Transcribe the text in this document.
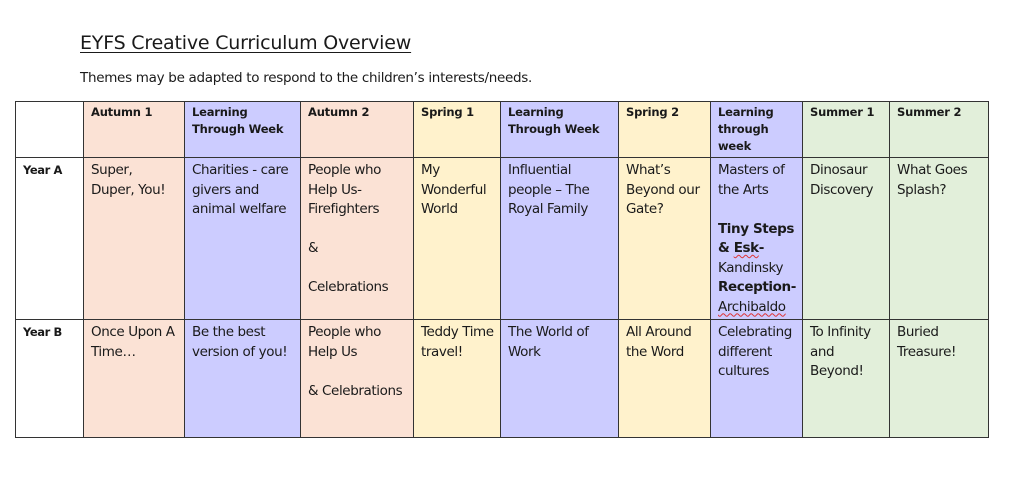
EYFS Creative Curriculum Overview
Themes may be adapted to respond to the children’s interests/needs.
	Autumn 1	Learning Through Week	Autumn 2	Spring 1	Learning Through Week	Spring 2	Learning through week	Summer 1	Summer 2
Year A	Super, Duper, You!	Charities - care givers and animal welfare	People who Help Us- Firefighters
&
Celebrations	My Wonderful World	Influential people – The Royal Family	What’s Beyond our Gate?	Masters of the Arts
Tiny Steps & Esk-
Kandinsky
Reception-
Archibaldo	Dinosaur Discovery	What Goes Splash?
Year B	Once Upon A Time…	Be the best version of you!	People who Help Us
& Celebrations	Teddy Time travel!	The World of Work	All Around the Word	Celebrating different cultures	To Infinity and Beyond!	Buried Treasure!
